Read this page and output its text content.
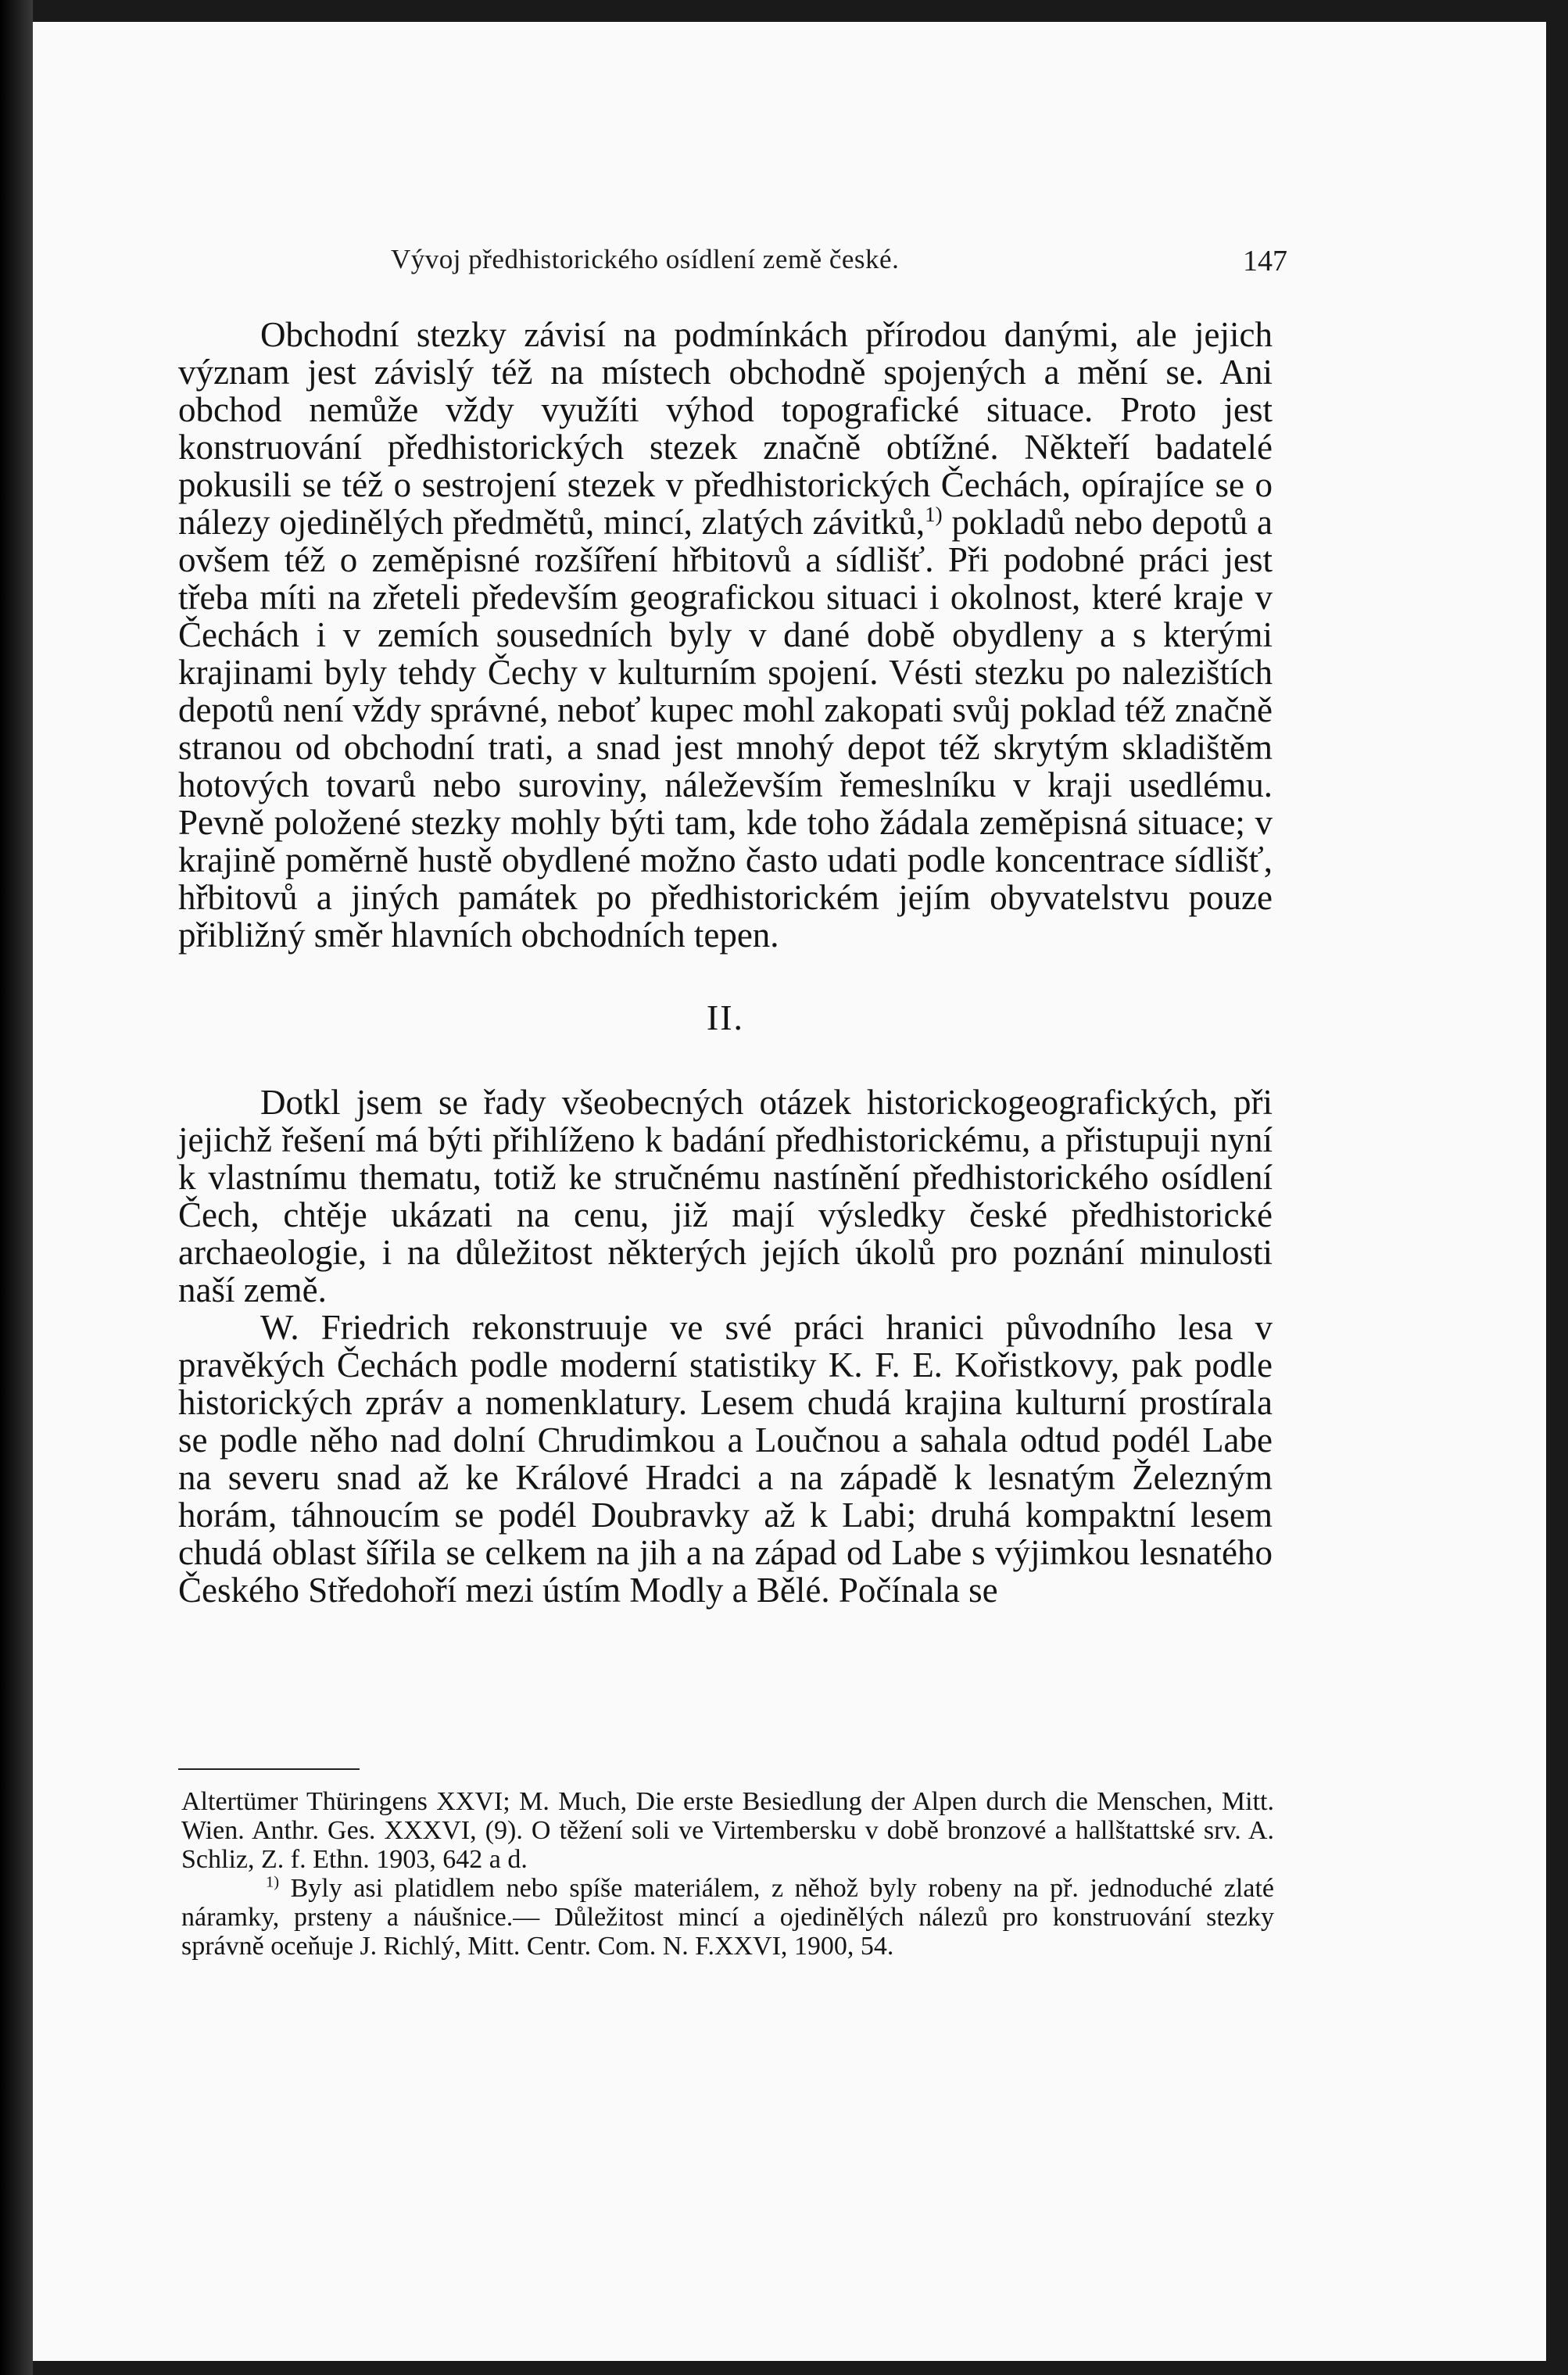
Vývoj předhistorického osídlení země české.	147

Obchodní stezky závisí na podmínkách přírodou danými, ale jejich význam jest závislý též na místech obchodně spojených a mění se. Ani obchod nemůže vždy využíti výhod topografické situace. Proto jest konstruování předhistorických stezek značně obtížné. Někteří badatelé pokusili se též o sestrojení stezek v předhistorických Čechách, opírajíce se o nálezy ojedinělých předmětů, mincí, zlatých závitků,$^{1)}$ pokladů nebo depotů a ovšem též o zeměpisné rozšíření hřbitovů a sídlišť. Při podobné práci jest třeba míti na zřeteli především geografickou situaci i okolnost, které kraje v Čechách i v zemích sousedních byly v dané době obydleny a s kterými krajinami byly tehdy Čechy v kulturním spojení. Vésti stezku po nalezištích depotů není vždy správné, neboť kupec mohl zakopati svůj poklad též značně stranou od obchodní trati, a snad jest mnohý depot též skrytým skladištěm hotových tovarů nebo suroviny, náleževším řemeslníku v kraji usedlému. Pevně položené stezky mohly býti tam, kde toho žádala zeměpisná situace; v krajině poměrně hustě obydlené možno často udati podle koncentrace sídlišť, hřbitovů a jiných památek po předhistorickém jejím obyvatelstvu pouze přibližný směr hlavních obchodních tepen.

II.

Dotkl jsem se řady všeobecných otázek historickogeografických, při jejichž řešení má býti přihlíženo k badání předhistorickému, a přistupuji nyní k vlastnímu thematu, totiž ke stručnému nastínění předhistorického osídlení Čech, chtěje ukázati na cenu, již mají výsledky české předhistorické archaeologie, i na důležitost některých jejích úkolů pro poznání minulosti naší země.

W. Friedrich rekonstruuje ve své práci hranici původního lesa v pravěkých Čechách podle moderní statistiky K. F. E. Kořistkovy, pak podle historických zpráv a nomenklatury. Lesem chudá krajina kulturní prostírala se podle něho nad dolní Chrudimkou a Loučnou a sahala odtud podél Labe na severu snad až ke Králové Hradci a na západě k lesnatým Železným horám, táhnoucím se podél Doubravky až k Labi; druhá kompaktní lesem chudá oblast šířila se celkem na jih a na západ od Labe s výjimkou lesnatého Českého Středohoří mezi ústím Modly a Bělé. Počínala se

Altertümer Thüringens XXVI; M. Much, Die erste Besiedlung der Alpen durch die Menschen, Mitt. Wien. Anthr. Ges. XXXVI, (9). O těžení soli ve Virtembersku v době bronzové a hallštattské srv. A. Schliz, Z. f. Ethn. 1903, 642 a d.

$^{1)}$ Byly asi platidlem nebo spíše materiálem, z něhož byly robeny na př. jednoduché zlaté náramky, prsteny a náušnice.— Důležitost mincí a ojedinělých nálezů pro konstruování stezky správně oceňuje J. Richlý, Mitt. Centr. Com. N. F.XXVI, 1900, 54.
